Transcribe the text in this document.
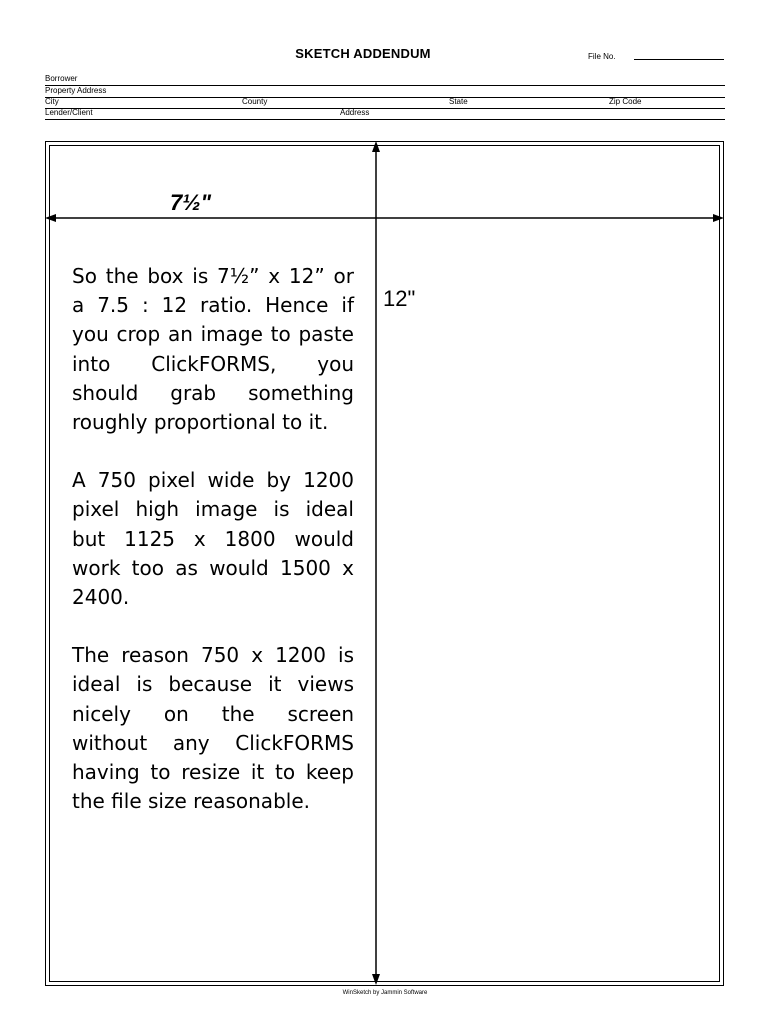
SKETCH ADDENDUM	File No.
Borrower
Property Address
City	County	State	Zip Code
Lender/Client	Address
7½"
12"

So the box is 7½” x 12” or a 7.5 : 12 ratio. Hence if you crop an image to paste into ClickFORMS, you should grab something roughly proportional to it.

A 750 pixel wide by 1200 pixel high image is ideal but 1125 x 1800 would work too as would 1500 x 2400.

The reason 750 x 1200 is ideal is because it views nicely on the screen without any ClickFORMS having to resize it to keep the file size reasonable.

WinSketch by Jammin Software
